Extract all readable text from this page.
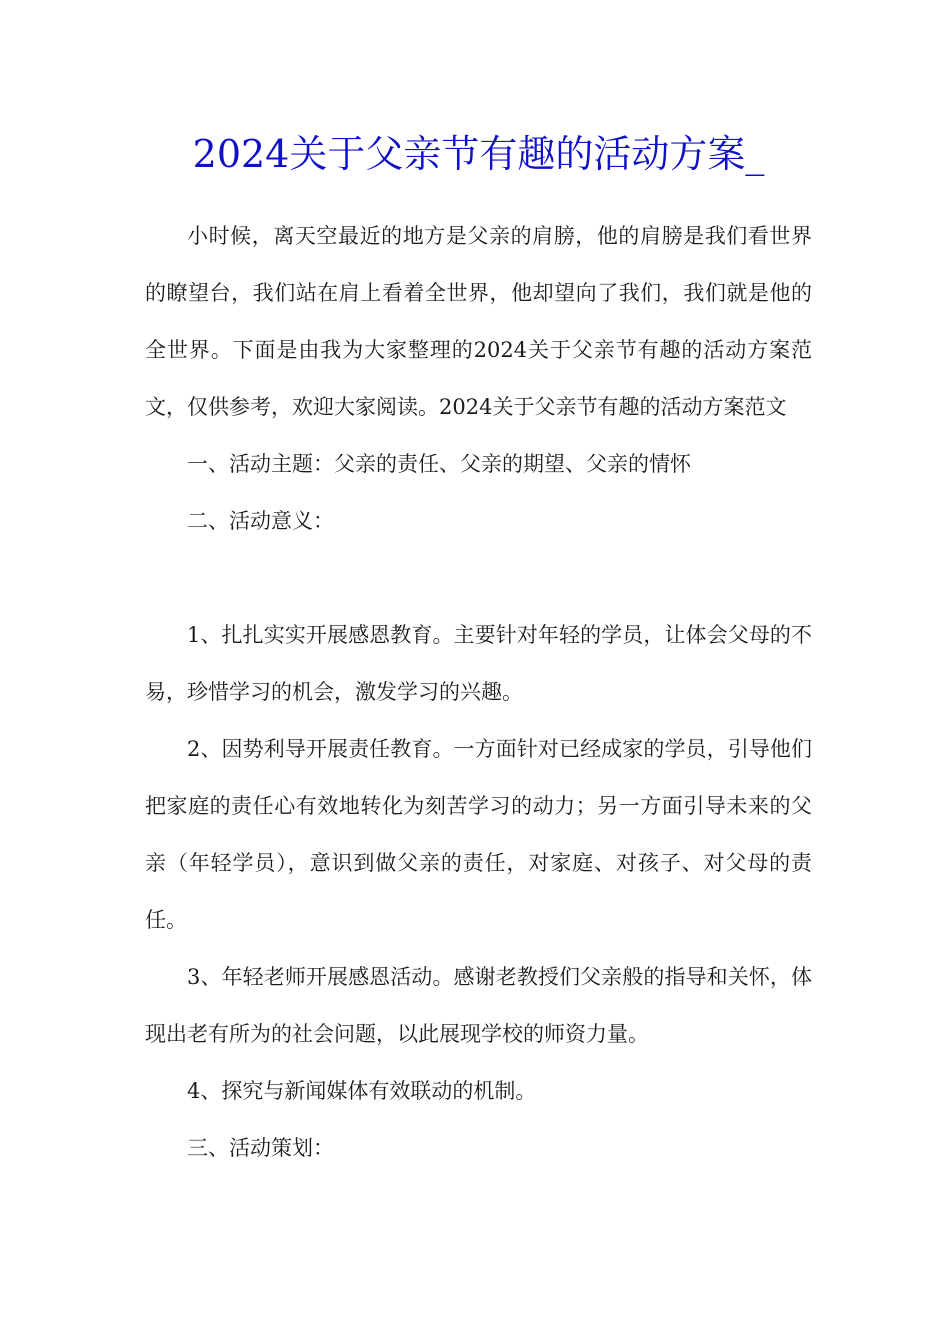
2024关于父亲节有趣的活动方案_

小时候，离天空最近的地方是父亲的肩膀，他的肩膀是我们看世界的瞭望台，我们站在肩上看着全世界，他却望向了我们，我们就是他的全世界。下面是由我为大家整理的2024关于父亲节有趣的活动方案范文，仅供参考，欢迎大家阅读。2024关于父亲节有趣的活动方案范文

一、活动主题：父亲的责任、父亲的期望、父亲的情怀

二、活动意义：

1、扎扎实实开展感恩教育。主要针对年轻的学员，让体会父母的不易，珍惜学习的机会，激发学习的兴趣。

2、因势利导开展责任教育。一方面针对已经成家的学员，引导他们把家庭的责任心有效地转化为刻苦学习的动力；另一方面引导未来的父亲（年轻学员），意识到做父亲的责任，对家庭、对孩子、对父母的责任。

3、年轻老师开展感恩活动。感谢老教授们父亲般的指导和关怀，体现出老有所为的社会问题，以此展现学校的师资力量。

4、探究与新闻媒体有效联动的机制。

三、活动策划：
